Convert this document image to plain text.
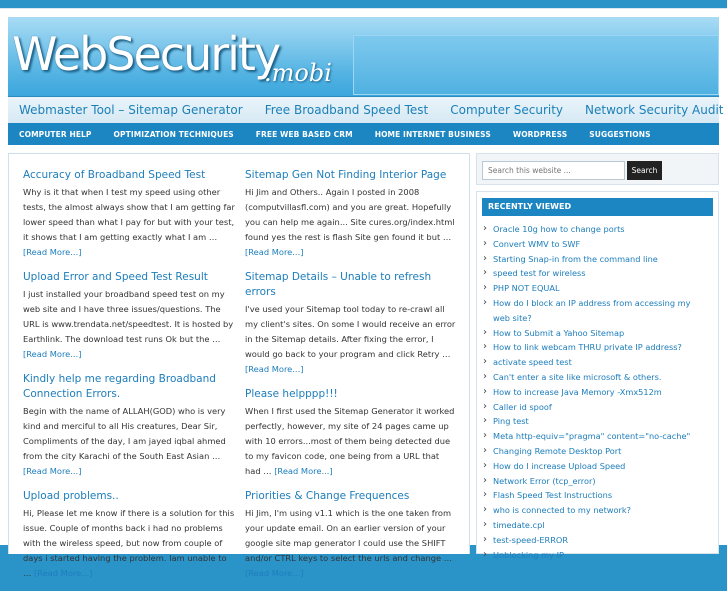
WebSecurity
.mobi
Webmaster Tool – Sitemap Generator Free Broadband Speed Test Computer Security Network Security Audit
COMPUTER HELP	OPTIMIZATION TECHNIQUES	FREE WEB BASED CRM	HOME INTERNET BUSINESS	WORDPRESS	SUGGESTIONS
Accuracy of Broadband Speed Test
Why is it that when I test my speed using other tests, the almost always show that I am getting far lower speed than what I pay for but with your test, it shows that I am getting exactly what I am … [Read More...]
Upload Error and Speed Test Result
I just installed your broadband speed test on my web site and I have three issues/questions. The URL is www.trendata.net/speedtest. It is hosted by Earthlink. The download test runs Ok but the … [Read More...]
Kindly help me regarding Broadband Connection Errors.
Begin with the name of ALLAH(GOD) who is very kind and merciful to all His creatures, Dear Sir, Compliments of the day, I am jayed iqbal ahmed from the city Karachi of the South East Asian … [Read More...]
Upload problems..
Hi, Please let me know if there is a solution for this issue. Couple of months back i had no problems with the wireless speed, but now from couple of days i started having the problem. Iam unable to … [Read More...]
Sitemap Gen Not Finding Interior Page
Hi Jim and Others.. Again I posted in 2008 (computvillasfl.com) and you are great. Hopefully you can help me again... Site cures.org/index.html found yes the rest is flash Site gen found it but … [Read More...]
Sitemap Details – Unable to refresh errors
I've used your Sitemap tool today to re-crawl all my client's sites. On some I would receive an error in the Sitemap details. After fixing the error, I would go back to your program and click Retry … [Read More...]
Please helpppp!!!
When I first used the Sitemap Generator it worked perfectly, however, my site of 24 pages came up with 10 errors...most of them being detected due to my favicon code, one being from a URL that had … [Read More...]
Priorities & Change Frequences
Hi Jim, I'm using v1.1 which is the one taken from your update email. On an earlier version of your google site map generator I could use the SHIFT and/or CTRL keys to select the urls and change … [Read More...]
Search this website ...
Search
RECENTLY VIEWED
› Oracle 10g how to change ports
› Convert WMV to SWF
› Starting Snap-in from the command line
› speed test for wireless
› PHP NOT EQUAL
› How do I block an IP address from accessing my web site?
› How to Submit a Yahoo Sitemap
› How to link webcam THRU private IP address?
› activate speed test
› Can't enter a site like microsoft & others.
› How to increase Java Memory -Xmx512m
› Caller id spoof
› Ping test
› Meta http-equiv="pragma" content="no-cache"
› Changing Remote Desktop Port
› How do I increase Upload Speed
› Network Error (tcp_error)
› Flash Speed Test Instructions
› who is connected to my network?
› timedate.cpl
› test-speed-ERROR
› Unblocking my IP
